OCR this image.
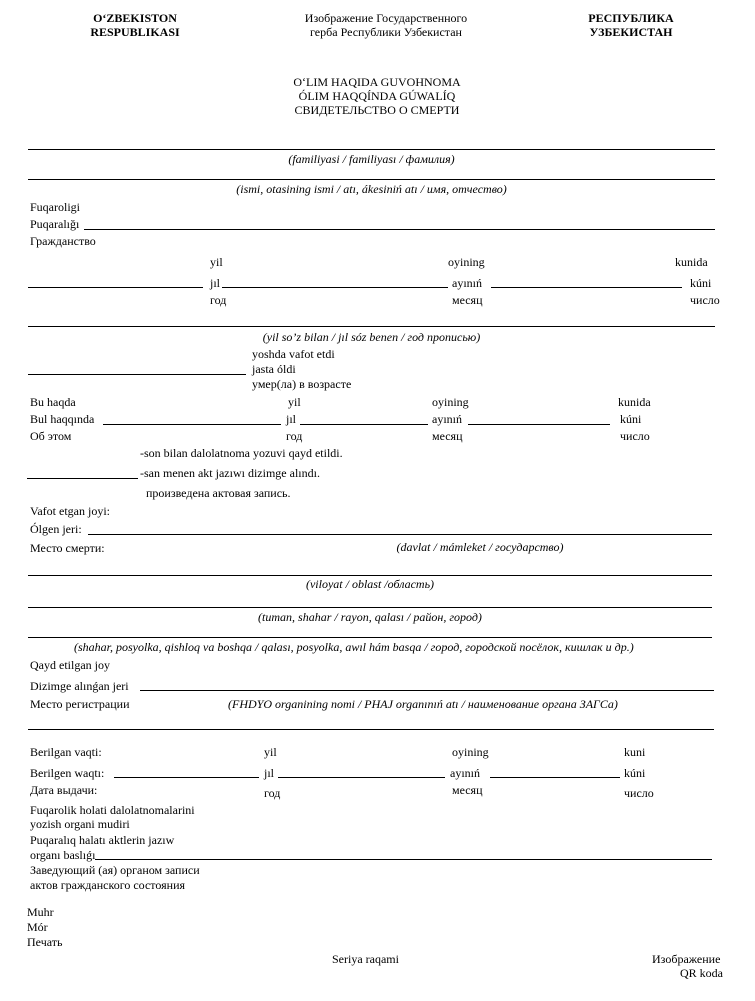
O‘ZBEKISTON
RESPUBLIKASI
Изображение Государственного
герба Республики Узбекистан
РЕСПУБЛИКА
УЗБЕКИСТАН
O‘LIM HAQIDA GUVOHNOMA
ÓLIM HAQQÍNDA GÚWALÍQ
СВИДЕТЕЛЬСТВО О СМЕРТИ
(familiyasi / familiyası / фамилия)
(ismi, otasining ismi / atı, ákesiniń atı / имя, отчество)
Fuqaroligi
Puqaralığı
Гражданство
yil	oyining	kunida
jıl	ayınıń	kúni
год	месяц	число
(yil so’z bilan / jıl sóz benen / год прописью)
yoshda vafot etdi
jasta óldi
умер(ла) в возрасте
Bu haqda	yil	oyining	kunida
Bul haqqında	jıl	ayınıń	kúni
Об этом	год	месяц	число
-son bilan dalolatnoma yozuvi qayd etildi.
-san menen akt jazıwı dizimge alındı.
произведена актовая запись.
Vafot etgan joyi:
Ólgen jeri:
Место смерти:	(davlat / mámleket / государство)
(viloyat / oblast /область)
(tuman, shahar / rayon, qalası / район, город)
(shahar, posyolka, qishloq va boshqa / qalası, posyolka, awıl hám basqa / город, городской посёлок, кишлак и др.)
Qayd etilgan joy
Dizimge alınǵan jeri
Место регистрации	(FHDYO organining nomi / PHAJ organınıń atı / наименование органа ЗАГСа)
Berilgan vaqti:	yil	oyining	kuni
Berilgen waqtı:	jıl	ayınıń	kúni
Дата выдачи:	год	месяц	число
Fuqarolik holati dalolatnomalarini
yozish organi mudiri
Puqaralıq halatı aktlerin jazıw
organı baslıǵı
Заведующий (ая) органом записи
актов гражданского состояния
Muhr
Mór
Печать
Seriya raqami	Изображение
QR koda
